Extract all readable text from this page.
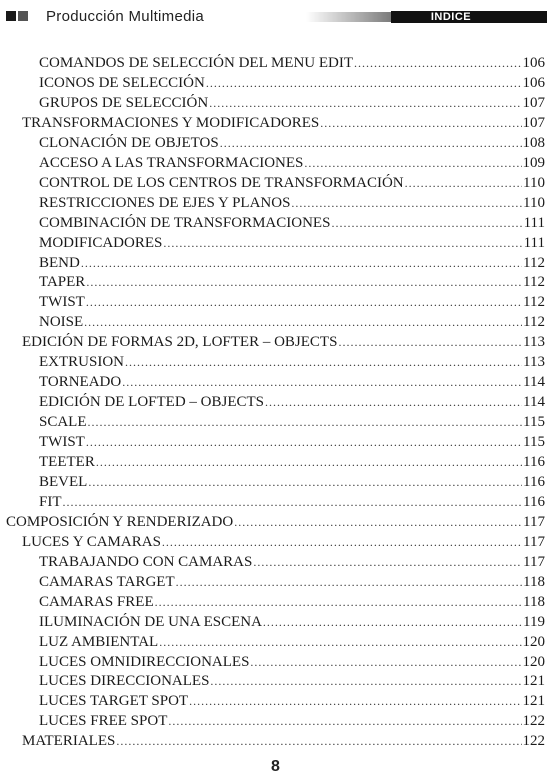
Producción Multimedia	INDICE
COMANDOS DE SELECCIÓN DEL MENU EDIT .....	106
ICONOS DE SELECCIÓN .....	106
GRUPOS DE SELECCIÓN .....	107
TRANSFORMACIONES Y MODIFICADORES .....	107
CLONACIÓN DE OBJETOS .....	108
ACCESO A LAS TRANSFORMACIONES .....	109
CONTROL DE LOS CENTROS DE TRANSFORMACIÓN .....	110
RESTRICCIONES DE EJES Y PLANOS .....	110
COMBINACIÓN DE TRANSFORMACIONES .....	111
MODIFICADORES .....	111
BEND .....	112
TAPER .....	112
TWIST .....	112
NOISE .....	112
EDICIÓN DE FORMAS 2D, LOFTER – OBJECTS .....	113
EXTRUSION .....	113
TORNEADO .....	114
EDICIÓN DE LOFTED – OBJECTS .....	114
SCALE .....	115
TWIST .....	115
TEETER .....	116
BEVEL .....	116
FIT .....	116
COMPOSICIÓN Y RENDERIZADO .....	117
LUCES Y CAMARAS .....	117
TRABAJANDO CON CAMARAS .....	117
CAMARAS TARGET .....	118
CAMARAS FREE .....	118
ILUMINACIÓN DE UNA ESCENA .....	119
LUZ AMBIENTAL .....	120
LUCES OMNIDIRECCIONALES .....	120
LUCES DIRECCIONALES .....	121
LUCES TARGET SPOT .....	121
LUCES FREE SPOT .....	122
MATERIALES .....	122
8
